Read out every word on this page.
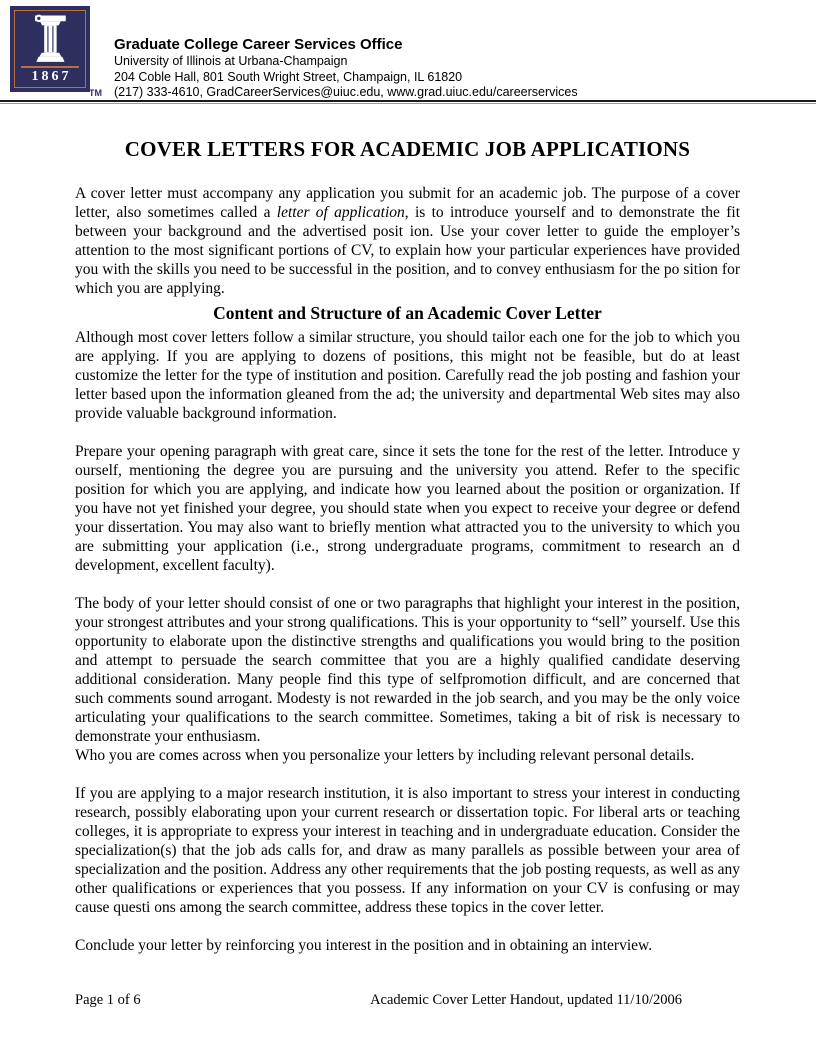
1867
TM
Graduate College Career Services Office
University of Illinois at Urbana-Champaign
204 Coble Hall, 801 South Wright Street, Champaign, IL 61820
(217) 333-4610, GradCareerServices@uiuc.edu, www.grad.uiuc.edu/careerservices
COVER LETTERS FOR ACADEMIC JOB APPLICATIONS

A cover letter must accompany any application you submit for an academic job. The purpose of a cover letter, also sometimes called a letter of application, is to introduce yourself and to demonstrate the fit between your background and the advertised posit ion. Use your cover letter to guide the employer’s attention to the most significant portions of CV, to explain how your particular experiences have provided you with the skills you need to be successful in the position, and to convey enthusiasm for the po sition for which you are applying.

Content and Structure of an Academic Cover Letter

Although most cover letters follow a similar structure, you should tailor each one for the job to which you are applying. If you are applying to dozens of positions, this might not be feasible, but do at least customize the letter for the type of institution and position. Carefully read the job posting and fashion your letter based upon the information gleaned from the ad; the university and departmental Web sites may also provide valuable background information.

Prepare your opening paragraph with great care, since it sets the tone for the rest of the letter. Introduce y ourself, mentioning the degree you are pursuing and the university you attend. Refer to the specific position for which you are applying, and indicate how you learned about the position or organization. If you have not yet finished your degree, you should state when you expect to receive your degree or defend your dissertation. You may also want to briefly mention what attracted you to the university to which you are submitting your application (i.e., strong undergraduate programs, commitment to research an d development, excellent faculty).

The body of your letter should consist of one or two paragraphs that highlight your interest in the position, your strongest attributes and your strong qualifications. This is your opportunity to “sell” yourself. Use this opportunity to elaborate upon the distinctive strengths and qualifications you would bring to the position and attempt to persuade the search committee that you are a highly qualified candidate deserving additional consideration. Many people find this type of selfpromotion difficult, and are concerned that such comments sound arrogant. Modesty is not rewarded in the job search, and you may be the only voice articulating your qualifications to the search committee. Sometimes, taking a bit of risk is necessary to demonstrate your enthusiasm.
Who you are comes across when you personalize your letters by including relevant personal details.

If you are applying to a major research institution, it is also important to stress your interest in conducting research, possibly elaborating upon your current research or dissertation topic. For liberal arts or teaching colleges, it is appropriate to express your interest in teaching and in undergraduate education. Consider the specialization(s) that the job ads calls for, and draw as many parallels as possible between your area of specialization and the position. Address any other requirements that the job posting requests, as well as any other qualifications or experiences that you possess. If any information on your CV is confusing or may cause questi ons among the search committee, address these topics in the cover letter.

Conclude your letter by reinforcing you interest in the position and in obtaining an interview.

Page 1 of 6	Academic Cover Letter Handout, updated 11/10/2006
